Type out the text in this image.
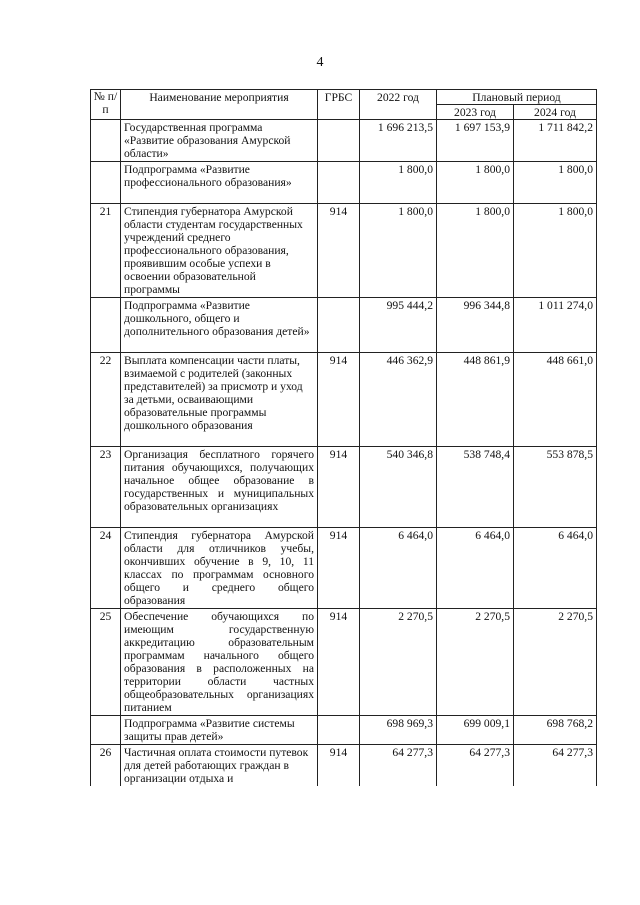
4
№ п/п	Наименование мероприятия	ГРБС	2022 год	Плановый период	
				2023 год	2024 год
	Государственная программа «Развитие образования Амурской области»		1 696 213,5	1 697 153,9	1 711 842,2
	Подпрограмма «Развитие профессионального образования»		1 800,0	1 800,0	1 800,0
21	Стипендия губернатора Амурской области студентам государственных учреждений среднего профессионального образования, проявившим особые успехи в освоении образовательной программы	914	1 800,0	1 800,0	1 800,0
	Подпрограмма «Развитие дошкольного, общего и дополнительного образования детей»		995 444,2	996 344,8	1 011 274,0
22	Выплата компенсации части платы, взимаемой с родителей (законных представителей) за присмотр и уход за детьми, осваивающими образовательные программы дошкольного образования	914	446 362,9	448 861,9	448 661,0
23	Организация бесплатного горячего питания обучающихся, получающих начальное общее образование в государственных и муниципальных образовательных организациях	914	540 346,8	538 748,4	553 878,5
24	Стипендия губернатора Амурской области для отличников учебы, окончивших обучение в 9, 10, 11 классах по программам основного общего и среднего общего образования	914	6 464,0	6 464,0	6 464,0
25	Обеспечение обучающихся по имеющим государственную аккредитацию образовательным программам начального общего образования в расположенных на территории области частных общеобразовательных организациях питанием	914	2 270,5	2 270,5	2 270,5
	Подпрограмма «Развитие системы защиты прав детей»		698 969,3	699 009,1	698 768,2
26	Частичная оплата стоимости путевок для детей работающих граждан в организации отдыха и	914	64 277,3	64 277,3	64 277,3
